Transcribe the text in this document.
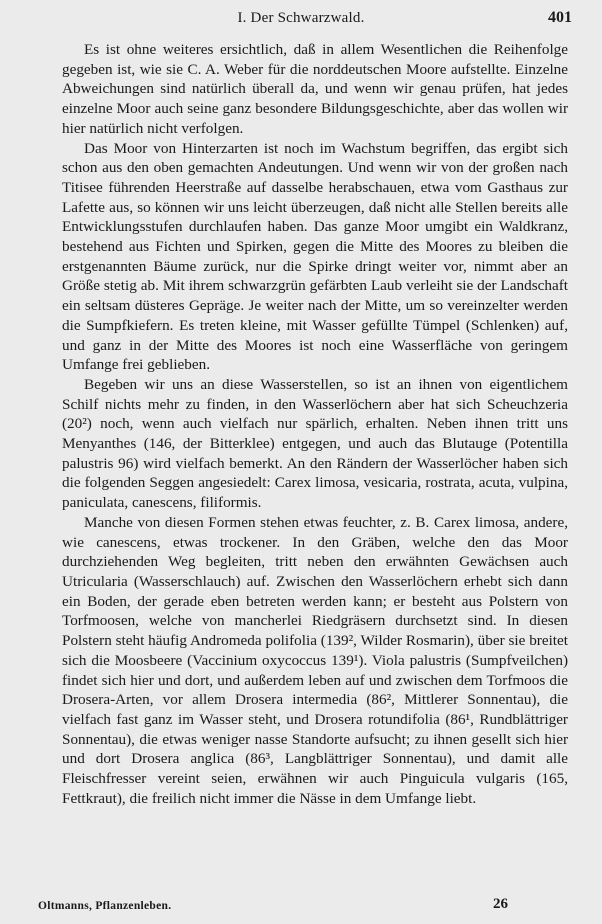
I. Der Schwarzwald.	401

Es ist ohne weiteres ersichtlich, daß in allem Wesentlichen die Reihenfolge gegeben ist, wie sie C. A. Weber für die norddeutschen Moore aufstellte. Einzelne Abweichungen sind natürlich überall da, und wenn wir genau prüfen, hat jedes einzelne Moor auch seine ganz besondere Bildungsgeschichte, aber das wollen wir hier natürlich nicht verfolgen.

Das Moor von Hinterzarten ist noch im Wachstum begriffen, das ergibt sich schon aus den oben gemachten Andeutungen. Und wenn wir von der großen nach Titisee führenden Heerstraße auf dasselbe herabschauen, etwa vom Gasthaus zur Lafette aus, so können wir uns leicht überzeugen, daß nicht alle Stellen bereits alle Entwicklungsstufen durchlaufen haben. Das ganze Moor umgibt ein Waldkranz, bestehend aus Fichten und Spirken, gegen die Mitte des Moores zu bleiben die erstgenannten Bäume zurück, nur die Spirke dringt weiter vor, nimmt aber an Größe stetig ab. Mit ihrem schwarzgrün gefärbten Laub verleiht sie der Landschaft ein seltsam düsteres Gepräge. Je weiter nach der Mitte, um so vereinzelter werden die Sumpfkiefern. Es treten kleine, mit Wasser gefüllte Tümpel (Schlenken) auf, und ganz in der Mitte des Moores ist noch eine Wasserfläche von geringem Umfange frei geblieben.

Begeben wir uns an diese Wasserstellen, so ist an ihnen von eigentlichem Schilf nichts mehr zu finden, in den Wasserlöchern aber hat sich Scheuchzeria (20²) noch, wenn auch vielfach nur spärlich, erhalten. Neben ihnen tritt uns Menyanthes (146, der Bitterklee) entgegen, und auch das Blutauge (Potentilla palustris 96) wird vielfach bemerkt. An den Rändern der Wasserlöcher haben sich die folgenden Seggen angesiedelt: Carex limosa, vesicaria, rostrata, acuta, vulpina, paniculata, canescens, filiformis.

Manche von diesen Formen stehen etwas feuchter, z. B. Carex limosa, andere, wie canescens, etwas trockener. In den Gräben, welche den das Moor durchziehenden Weg begleiten, tritt neben den erwähnten Gewächsen auch Utricularia (Wasserschlauch) auf. Zwischen den Wasserlöchern erhebt sich dann ein Boden, der gerade eben betreten werden kann; er besteht aus Polstern von Torfmoosen, welche von mancherlei Riedgräsern durchsetzt sind. In diesen Polstern steht häufig Andromeda polifolia (139², Wilder Rosmarin), über sie breitet sich die Moosbeere (Vaccinium oxycoccus 139¹). Viola palustris (Sumpfveilchen) findet sich hier und dort, und außerdem leben auf und zwischen dem Torfmoos die Drosera-Arten, vor allem Drosera intermedia (86², Mittlerer Sonnentau), die vielfach fast ganz im Wasser steht, und Drosera rotundifolia (86¹, Rundblättriger Sonnentau), die etwas weniger nasse Standorte aufsucht; zu ihnen gesellt sich hier und dort Drosera anglica (86³, Langblättriger Sonnentau), und damit alle Fleischfresser vereint seien, erwähnen wir auch Pinguicula vulgaris (165, Fettkraut), die freilich nicht immer die Nässe in dem Umfange liebt.

Oltmanns, Pflanzenleben.	26
